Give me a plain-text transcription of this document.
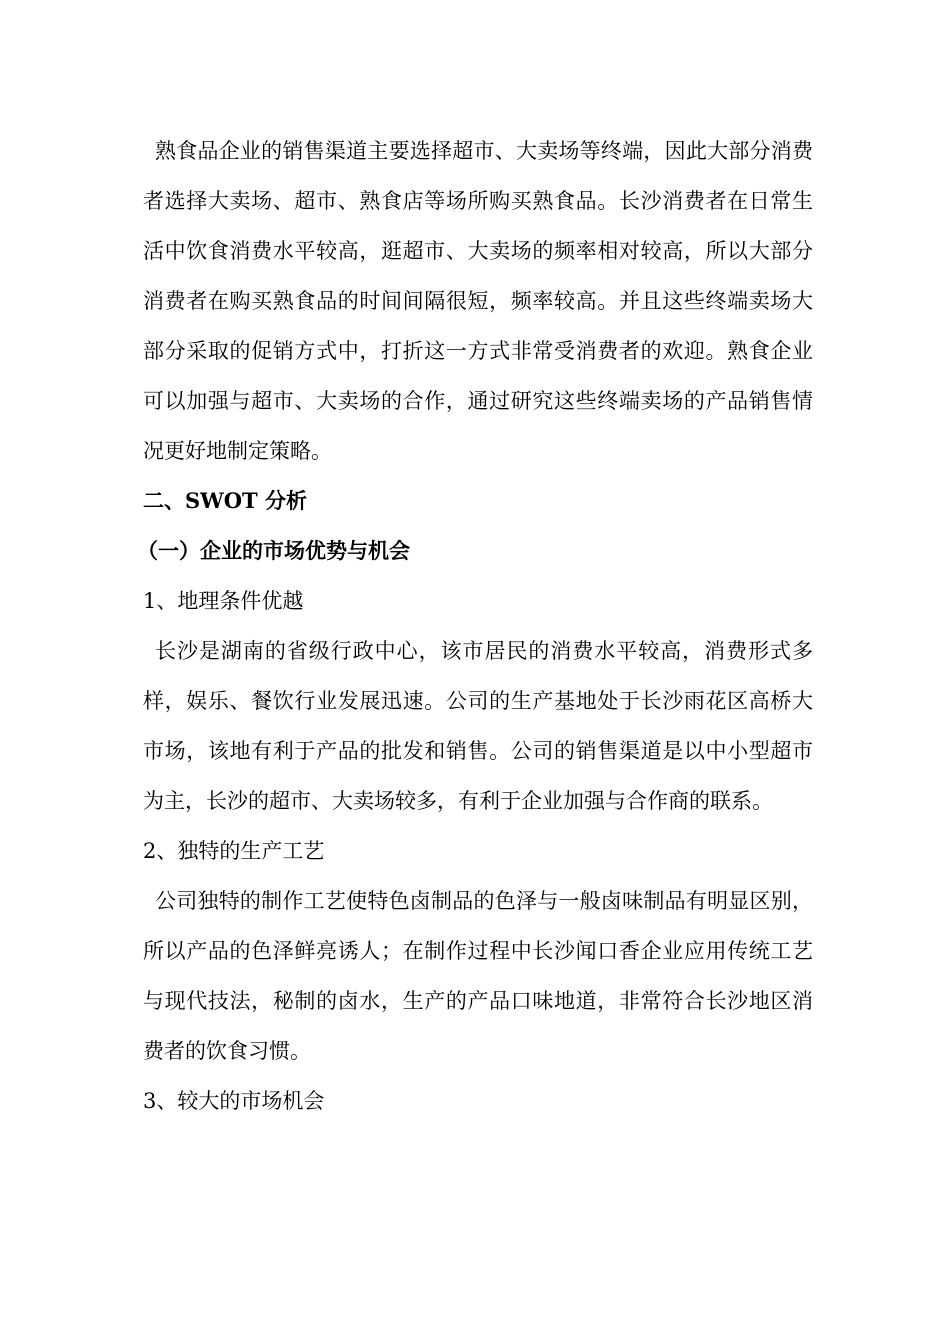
熟食品企业的销售渠道主要选择超市、大卖场等终端，因此大部分消费者选择大卖场、超市、熟食店等场所购买熟食品。长沙消费者在日常生活中饮食消费水平较高，逛超市、大卖场的频率相对较高，所以大部分消费者在购买熟食品的时间间隔很短，频率较高。并且这些终端卖场大部分采取的促销方式中，打折这一方式非常受消费者的欢迎。熟食企业可以加强与超市、大卖场的合作，通过研究这些终端卖场的产品销售情况更好地制定策略。

二、SWOT 分析

（一）企业的市场优势与机会

1、地理条件优越

长沙是湖南的省级行政中心，该市居民的消费水平较高，消费形式多样，娱乐、餐饮行业发展迅速。公司的生产基地处于长沙雨花区高桥大市场，该地有利于产品的批发和销售。公司的销售渠道是以中小型超市为主，长沙的超市、大卖场较多，有利于企业加强与合作商的联系。

2、独特的生产工艺

公司独特的制作工艺使特色卤制品的色泽与一般卤味制品有明显区别，所以产品的色泽鲜亮诱人；在制作过程中长沙闻口香企业应用传统工艺与现代技法，秘制的卤水，生产的产品口味地道，非常符合长沙地区消费者的饮食习惯。

3、较大的市场机会
